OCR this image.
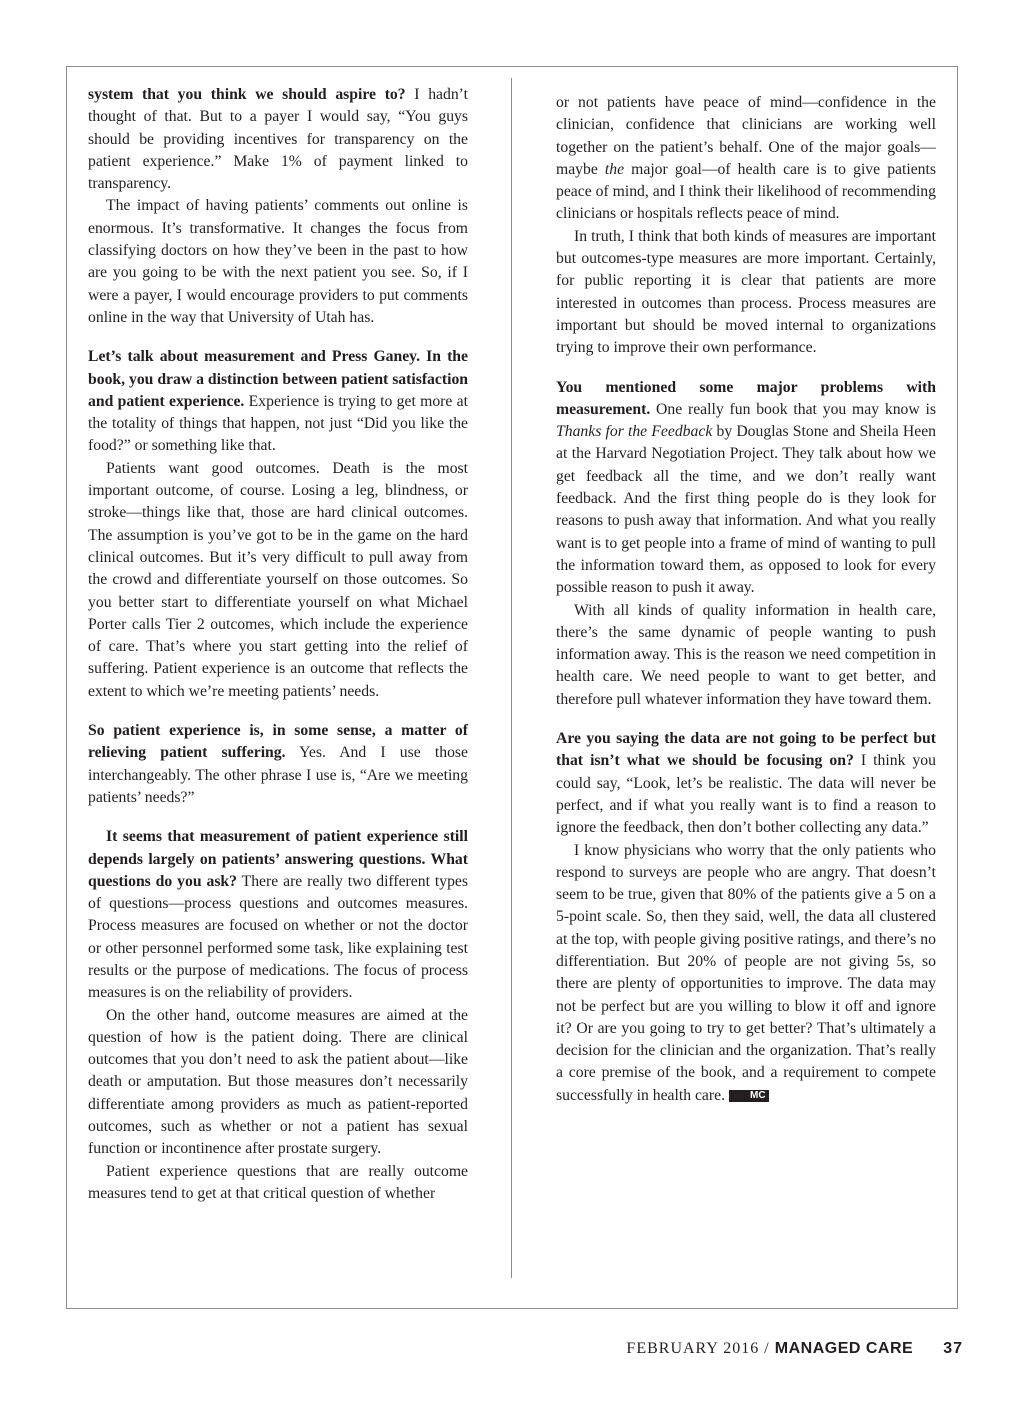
system that you think we should aspire to? I hadn’t thought of that. But to a payer I would say, “You guys should be providing incentives for transparency on the patient experience.” Make 1% of payment linked to transparency.

The impact of having patients’ comments out online is enormous. It’s transformative. It changes the focus from classifying doctors on how they’ve been in the past to how are you going to be with the next patient you see. So, if I were a payer, I would encourage providers to put comments online in the way that University of Utah has.

Let’s talk about measurement and Press Ganey. In the book, you draw a distinction between patient satisfaction and patient experience. Experience is trying to get more at the totality of things that happen, not just “Did you like the food?” or something like that.

Patients want good outcomes. Death is the most important outcome, of course. Losing a leg, blindness, or stroke—things like that, those are hard clinical outcomes. The assumption is you’ve got to be in the game on the hard clinical outcomes. But it’s very difficult to pull away from the crowd and differentiate yourself on those outcomes. So you better start to differentiate yourself on what Michael Porter calls Tier 2 outcomes, which include the experience of care. That’s where you start getting into the relief of suffering. Patient experience is an outcome that reflects the extent to which we’re meeting patients’ needs.

So patient experience is, in some sense, a matter of relieving patient suffering. Yes. And I use those interchangeably. The other phrase I use is, “Are we meeting patients’ needs?”

It seems that measurement of patient experience still depends largely on patients’ answering questions. What questions do you ask? There are really two different types of questions—process questions and outcomes measures. Process measures are focused on whether or not the doctor or other personnel performed some task, like explaining test results or the purpose of medications. The focus of process measures is on the reliability of providers.

On the other hand, outcome measures are aimed at the question of how is the patient doing. There are clinical outcomes that you don’t need to ask the patient about—like death or amputation. But those measures don’t necessarily differentiate among providers as much as patient-reported outcomes, such as whether or not a patient has sexual function or incontinence after prostate surgery.

Patient experience questions that are really outcome measures tend to get at that critical question of whether

or not patients have peace of mind—confidence in the clinician, confidence that clinicians are working well together on the patient’s behalf. One of the major goals—maybe the major goal—of health care is to give patients peace of mind, and I think their likelihood of recommending clinicians or hospitals reflects peace of mind.

In truth, I think that both kinds of measures are important but outcomes-type measures are more important. Certainly, for public reporting it is clear that patients are more interested in outcomes than process. Process measures are important but should be moved internal to organizations trying to improve their own performance.

You mentioned some major problems with measurement. One really fun book that you may know is Thanks for the Feedback by Douglas Stone and Sheila Heen at the Harvard Negotiation Project. They talk about how we get feedback all the time, and we don’t really want feedback. And the first thing people do is they look for reasons to push away that information. And what you really want is to get people into a frame of mind of wanting to pull the information toward them, as opposed to look for every possible reason to push it away.

With all kinds of quality information in health care, there’s the same dynamic of people wanting to push information away. This is the reason we need competition in health care. We need people to want to get better, and therefore pull whatever information they have toward them.

Are you saying the data are not going to be perfect but that isn’t what we should be focusing on? I think you could say, “Look, let’s be realistic. The data will never be perfect, and if what you really want is to find a reason to ignore the feedback, then don’t bother collecting any data.”

I know physicians who worry that the only patients who respond to surveys are people who are angry. That doesn’t seem to be true, given that 80% of the patients give a 5 on a 5-point scale. So, then they said, well, the data all clustered at the top, with people giving positive ratings, and there’s no differentiation. But 20% of people are not giving 5s, so there are plenty of opportunities to improve. The data may not be perfect but are you willing to blow it off and ignore it? Or are you going to try to get better? That’s ultimately a decision for the clinician and the organization. That’s really a core premise of the book, and a requirement to compete successfully in health care.	MC

FEBRUARY 2016 / MANAGED CARE 37
